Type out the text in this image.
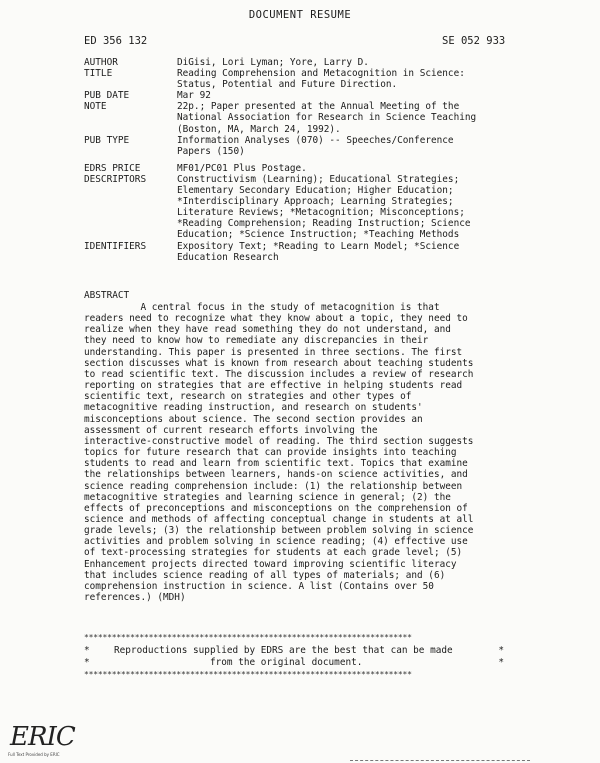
DOCUMENT RESUME
ED 356 132	SE 052 933
AUTHOR	DiGisi, Lori Lyman; Yore, Larry D.
TITLE	Reading Comprehension and Metacognition in Science:
Status, Potential and Future Direction.
PUB DATE	Mar 92
NOTE	22p.; Paper presented at the Annual Meeting of the
National Association for Research in Science Teaching
(Boston, MA, March 24, 1992).
PUB TYPE	Information Analyses (070) -- Speeches/Conference
Papers (150)
EDRS PRICE	MF01/PC01 Plus Postage.
DESCRIPTORS	Constructivism (Learning); Educational Strategies;
Elementary Secondary Education; Higher Education;
*Interdisciplinary Approach; Learning Strategies;
Literature Reviews; *Metacognition; Misconceptions;
*Reading Comprehension; Reading Instruction; Science
Education; *Science Instruction; *Teaching Methods
IDENTIFIERS	Expository Text; *Reading to Learn Model; *Science
Education Research
ABSTRACT
A central focus in the study of metacognition is that
readers need to recognize what they know about a topic, they need to
realize when they have read something they do not understand, and
they need to know how to remediate any discrepancies in their
understanding. This paper is presented in three sections. The first
section discusses what is known from research about teaching students
to read scientific text. The discussion includes a review of research
reporting on strategies that are effective in helping students read
scientific text, research on strategies and other types of
metacognitive reading instruction, and research on students'
misconceptions about science. The second section provides an
assessment of current research efforts involving the
interactive-constructive model of reading. The third section suggests
topics for future research that can provide insights into teaching
students to read and learn from scientific text. Topics that examine
the relationships between learners, hands-on science activities, and
science reading comprehension include: (1) the relationship between
metacognitive strategies and learning science in general; (2) the
effects of preconceptions and misconceptions on the comprehension of
science and methods of affecting conceptual change in students at all
grade levels; (3) the relationship between problem solving in science
activities and problem solving in science reading; (4) effective use
of text-processing strategies for students at each grade level; (5)
Enhancement projects directed toward improving scientific literacy
that includes science reading of all types of materials; and (6)
comprehension instruction in science. A list (Contains over 50
references.) (MDH)
***********************************************************************
*	Reproductions supplied by EDRS are the best that can be made	*
*	from the original document.	*
***********************************************************************
ERIC
Full Text Provided by ERIC
